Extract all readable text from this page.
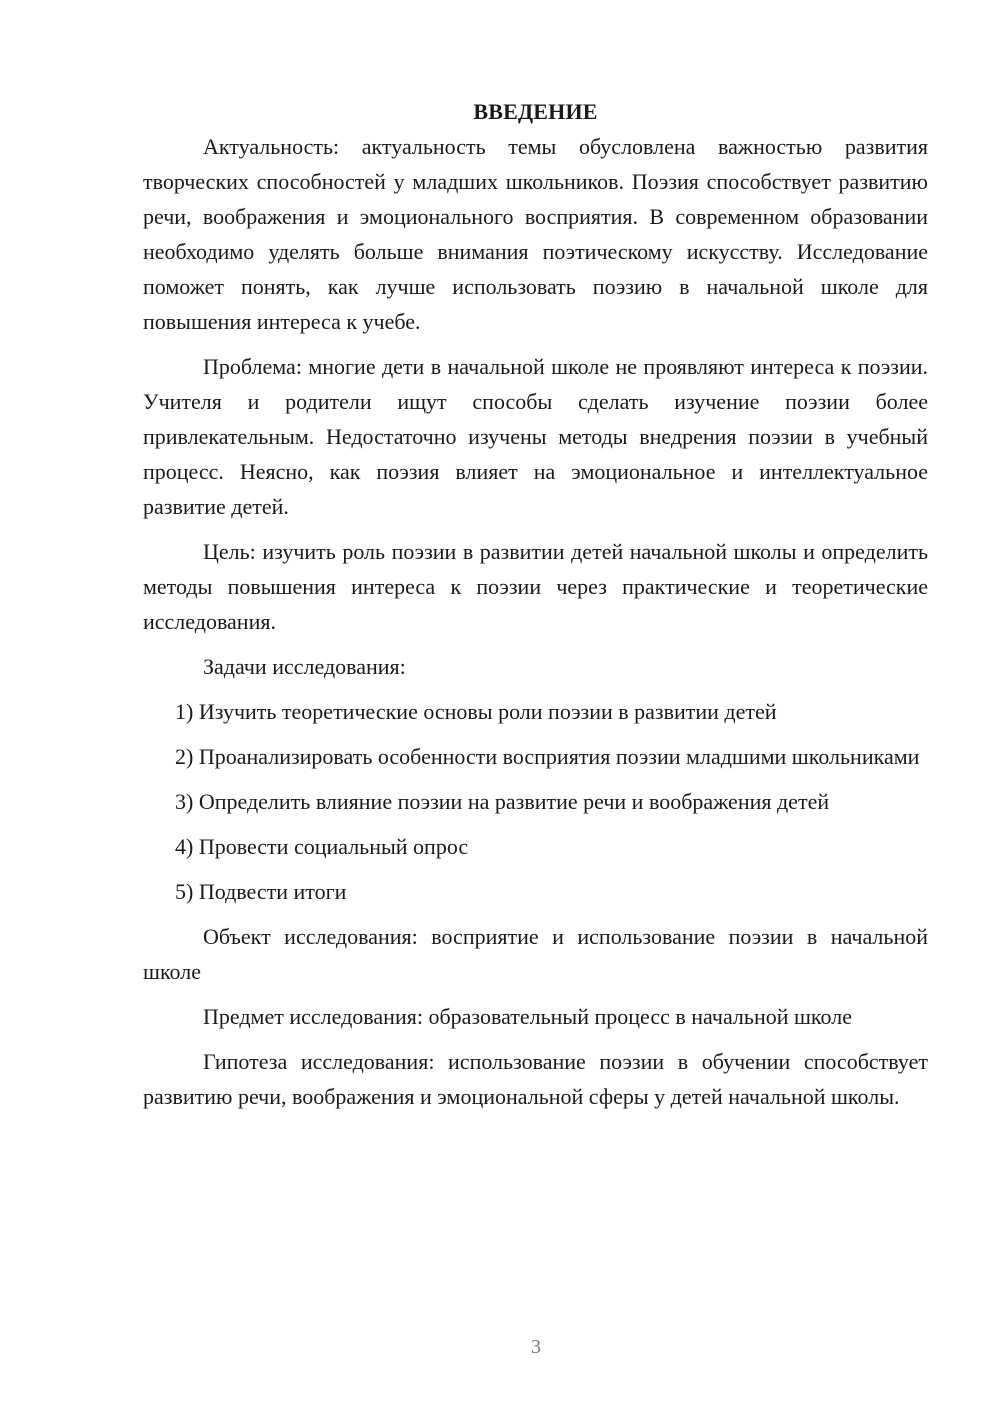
ВВЕДЕНИЕ

Актуальность: актуальность темы обусловлена важностью развития творческих способностей у младших школьников. Поэзия способствует развитию речи, воображения и эмоционального восприятия. В современном образовании необходимо уделять больше внимания поэтическому искусству. Исследование поможет понять, как лучше использовать поэзию в начальной школе для повышения интереса к учебе.

Проблема: многие дети в начальной школе не проявляют интереса к поэзии. Учителя и родители ищут способы сделать изучение поэзии более привлекательным. Недостаточно изучены методы внедрения поэзии в учебный процесс. Неясно, как поэзия влияет на эмоциональное и интеллектуальное развитие детей.

Цель: изучить роль поэзии в развитии детей начальной школы и определить методы повышения интереса к поэзии через практические и теоретические исследования.

Задачи исследования:

1) Изучить теоретические основы роли поэзии в развитии детей

2) Проанализировать особенности восприятия поэзии младшими школьниками

3) Определить влияние поэзии на развитие речи и воображения детей

4) Провести социальный опрос

5) Подвести итоги

Объект исследования: восприятие и использование поэзии в начальной школе

Предмет исследования: образовательный процесс в начальной школе

Гипотеза исследования: использование поэзии в обучении способствует развитию речи, воображения и эмоциональной сферы у детей начальной школы.

3
